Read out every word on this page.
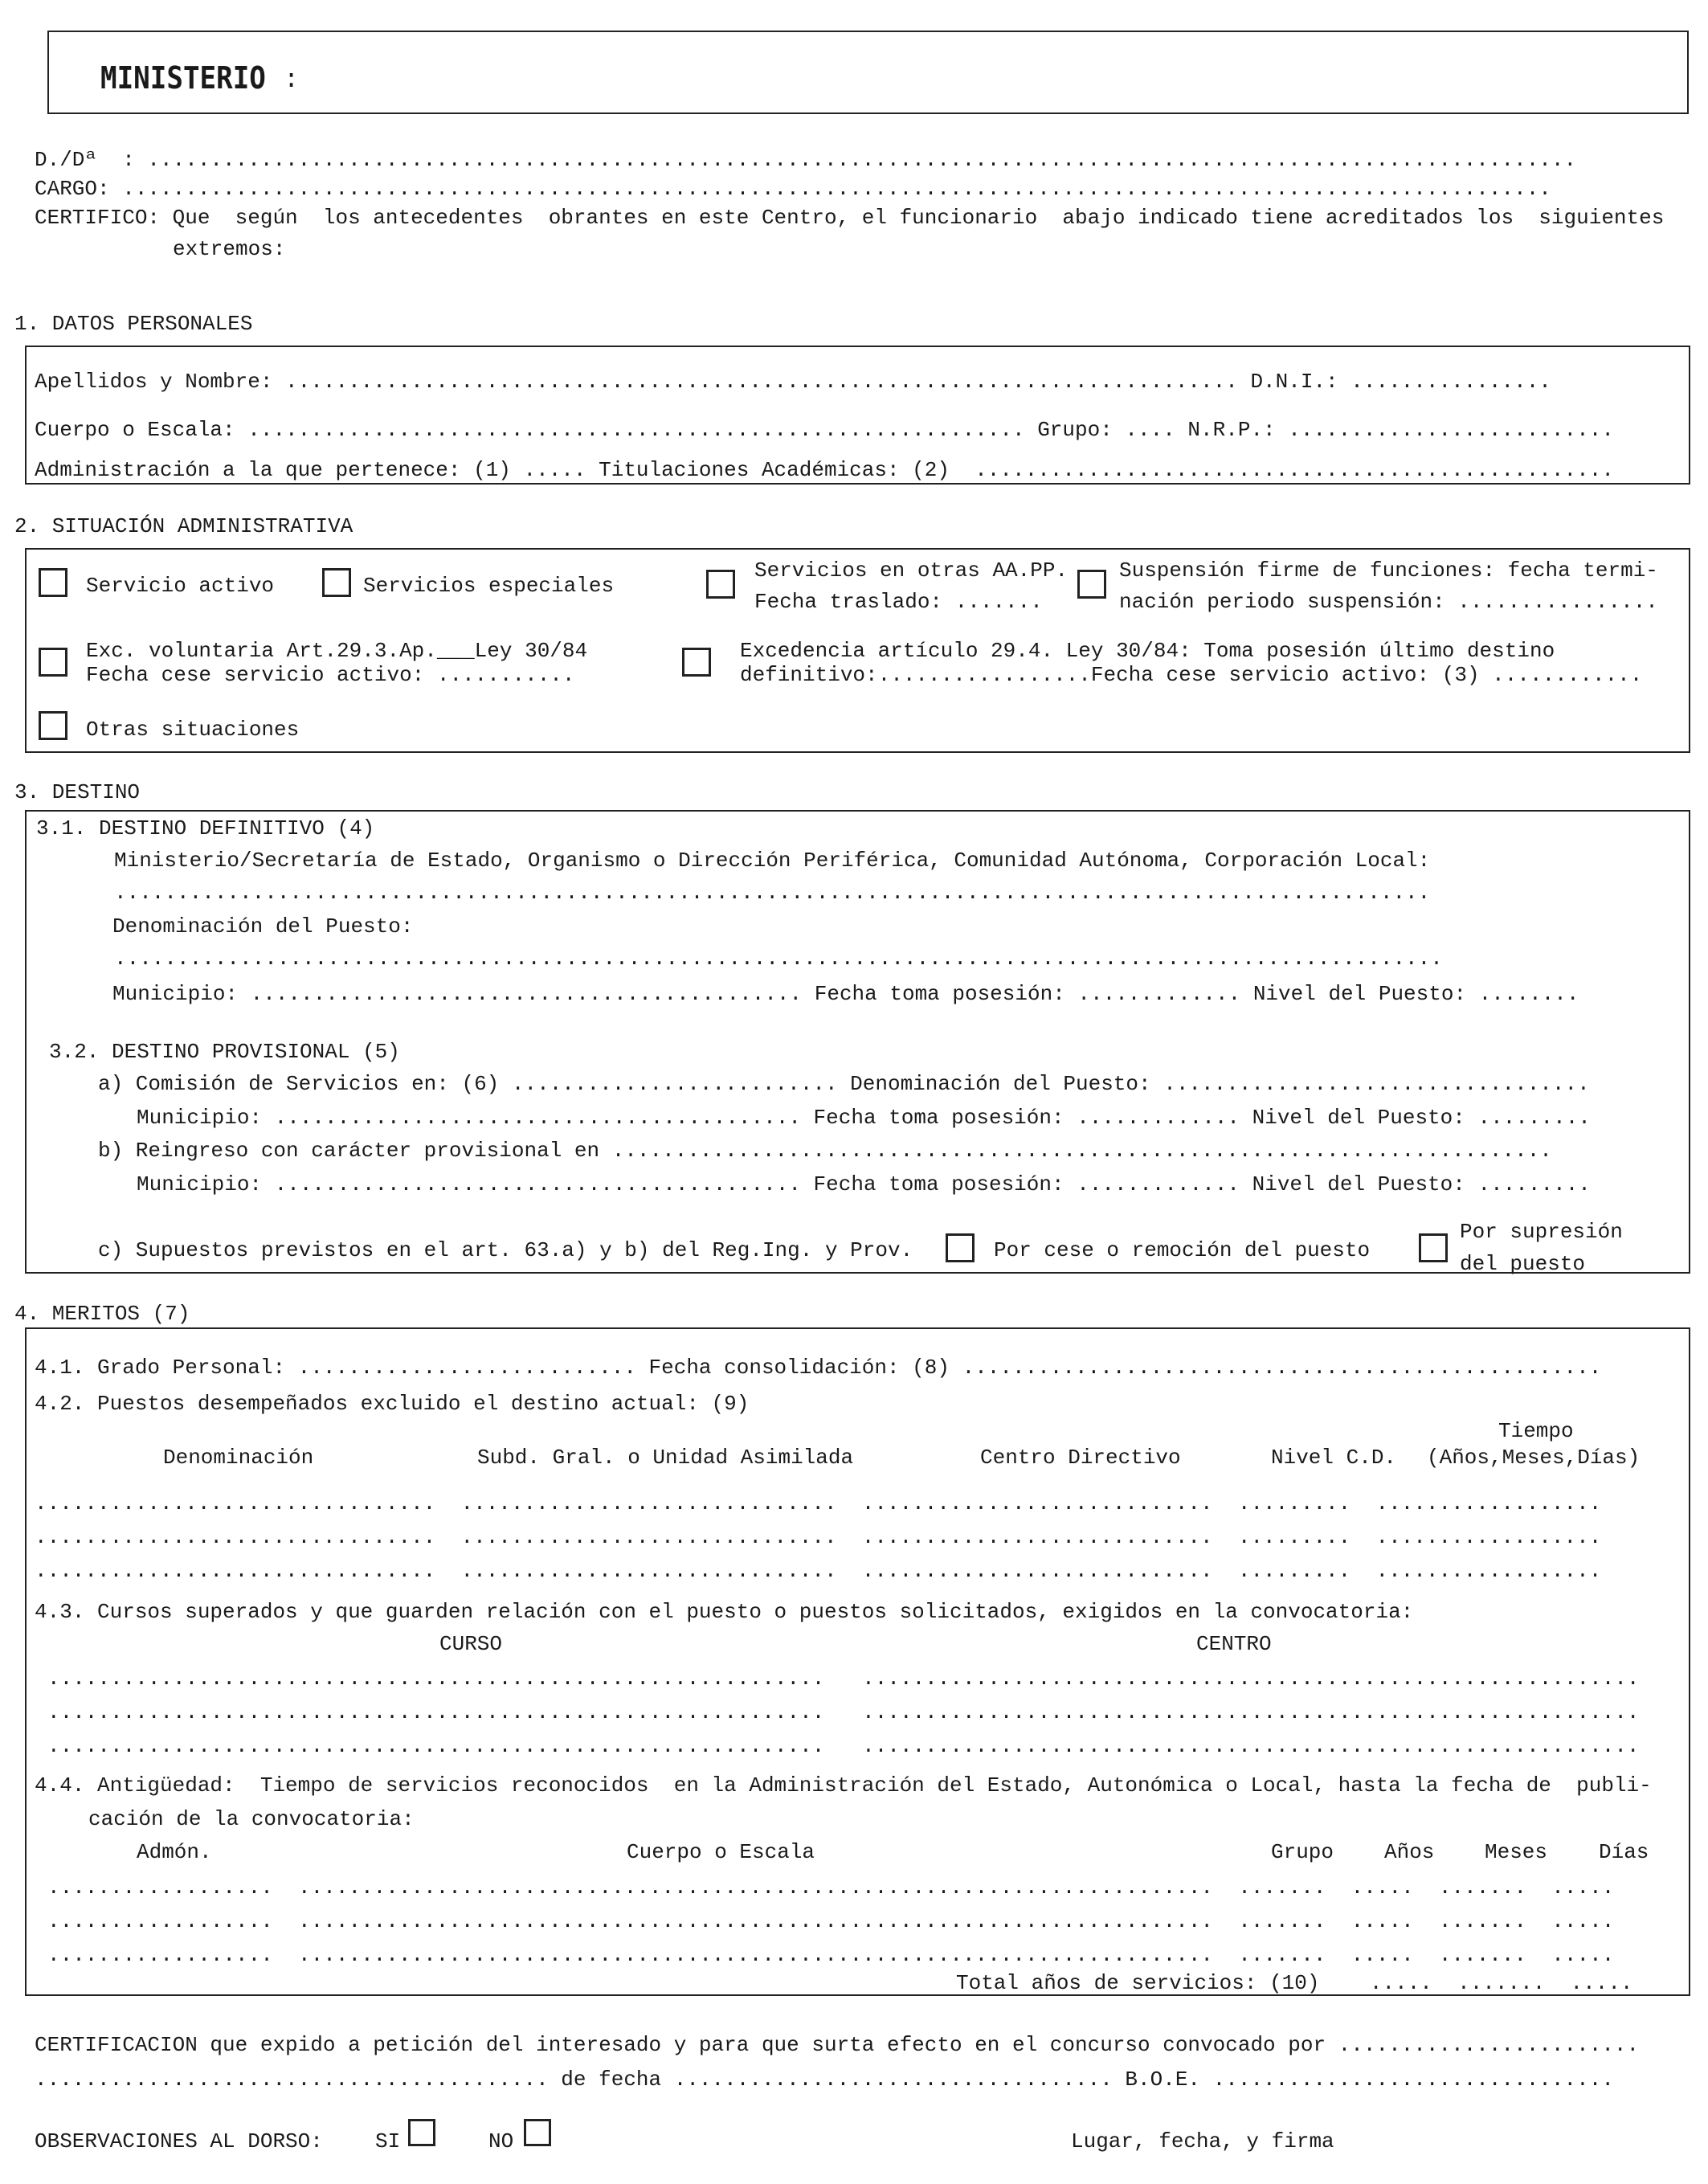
MINISTERIO :
D./Dª  : ..................................................................................................................
CARGO: ..................................................................................................................
CERTIFICO: Que  según  los antecedentes  obrantes en este Centro, el funcionario  abajo indicado tiene acreditados los  siguientes
extremos:
1. DATOS PERSONALES
Apellidos y Nombre: ............................................................................ D.N.I.: ................
Cuerpo o Escala: .............................................................. Grupo: .... N.R.P.: ..........................
Administración a la que pertenece: (1) ..... Titulaciones Académicas: (2)  ...................................................
2. SITUACIÓN ADMINISTRATIVA
Servicio activo	Servicios especiales
Servicios en otras AA.PP.
Fecha traslado: .......
Suspensión firme de funciones: fecha termi-
nación periodo suspensión: ................
Exc. voluntaria Art.29.3.Ap.___Ley 30/84
Fecha cese servicio activo: ...........
Excedencia artículo 29.4. Ley 30/84: Toma posesión último destino
definitivo:.................Fecha cese servicio activo: (3) ............
Otras situaciones
3. DESTINO
3.1. DESTINO DEFINITIVO (4)
Ministerio/Secretaría de Estado, Organismo o Dirección Periférica, Comunidad Autónoma, Corporación Local:
.........................................................................................................
Denominación del Puesto:
..........................................................................................................
Municipio: ............................................ Fecha toma posesión: ............. Nivel del Puesto: ........
3.2. DESTINO PROVISIONAL (5)
a) Comisión de Servicios en: (6) .......................... Denominación del Puesto: ..................................
Municipio: .......................................... Fecha toma posesión: ............. Nivel del Puesto: .........
b) Reingreso con carácter provisional en ...........................................................................
Municipio: .......................................... Fecha toma posesión: ............. Nivel del Puesto: .........
c) Supuestos previstos en el art. 63.a) y b) del Reg.Ing. y Prov.	Por cese o remoción del puesto
Por supresión
del puesto
4. MERITOS (7)
4.1. Grado Personal: ........................... Fecha consolidación: (8) ...................................................
4.2. Puestos desempeñados excluido el destino actual: (9)
Denominación	Subd. Gral. o Unidad Asimilada	Centro Directivo	Nivel C.D.
Tiempo
(Años,Meses,Días)
................................  ..............................  ............................  .........  ..................
................................  ..............................  ............................  .........  ..................
................................  ..............................  ............................  .........  ..................
4.3. Cursos superados y que guarden relación con el puesto o puestos solicitados, exigidos en la convocatoria:
CURSO	CENTRO
..............................................................   ..............................................................
..............................................................   ..............................................................
..............................................................   ..............................................................
4.4. Antigüedad:  Tiempo de servicios reconocidos  en la Administración del Estado, Autonómica o Local, hasta la fecha de  publi-
cación de la convocatoria:
Admón.	Cuerpo o Escala	Grupo Años Meses Días
..................  .........................................................................  .......  .....  .......  .....
..................  .........................................................................  .......  .....  .......  .....
..................  .........................................................................  .......  .....  .......  .....
Total años de servicios: (10)    .....  .......  .....
CERTIFICACION que expido a petición del interesado y para que surta efecto en el concurso convocado por ........................
......................................... de fecha ................................... B.O.E. ................................
OBSERVACIONES AL DORSO:	SI	NO	Lugar, fecha, y firma
